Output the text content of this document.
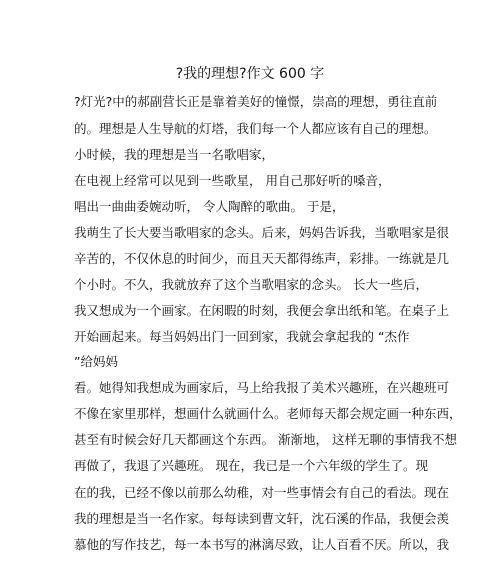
?我的理想?作文 600 字
?灯光?中的郝副营长正是靠着美好的憧憬，崇高的理想，勇往直前
的。理想是人生导航的灯塔，我们每一个人都应该有自己的理想。
小时候，我的理想是当一名歌唱家，
在电视上经常可以见到一些歌星， 用自己那好听的嗓音，
唱出一曲曲委婉动听， 令人陶醉的歌曲。 于是，
我萌生了长大要当歌唱家的念头。后来，妈妈告诉我，当歌唱家是很
辛苦的，不仅休息的时间少，而且天天都得练声，彩排。一练就是几
个小时。不久，我就放弃了这个当歌唱家的念头。 长大一些后，
我又想成为一个画家。在闲暇的时刻，我便会拿出纸和笔。在桌子上
开始画起来。每当妈妈出门一回到家，我就会拿起我的 “杰作
”给妈妈
看。她得知我想成为画家后，马上给我报了美术兴趣班，在兴趣班可
不像在家里那样，想画什么就画什么。老师每天都会规定画一种东西，
甚至有时候会好几天都画这个东西。 渐渐地， 这样无聊的事情我不想
再做了，我退了兴趣班。 现在，我已是一个六年级的学生了。现
在的我，已经不像以前那么幼稚，对一些事情会有自己的看法。现在
我的理想是当一名作家。每每读到曹文轩，沈石溪的作品，我便会羡
慕他的写作技艺，每一本书写的淋漓尽致，让人百看不厌。所以，我
